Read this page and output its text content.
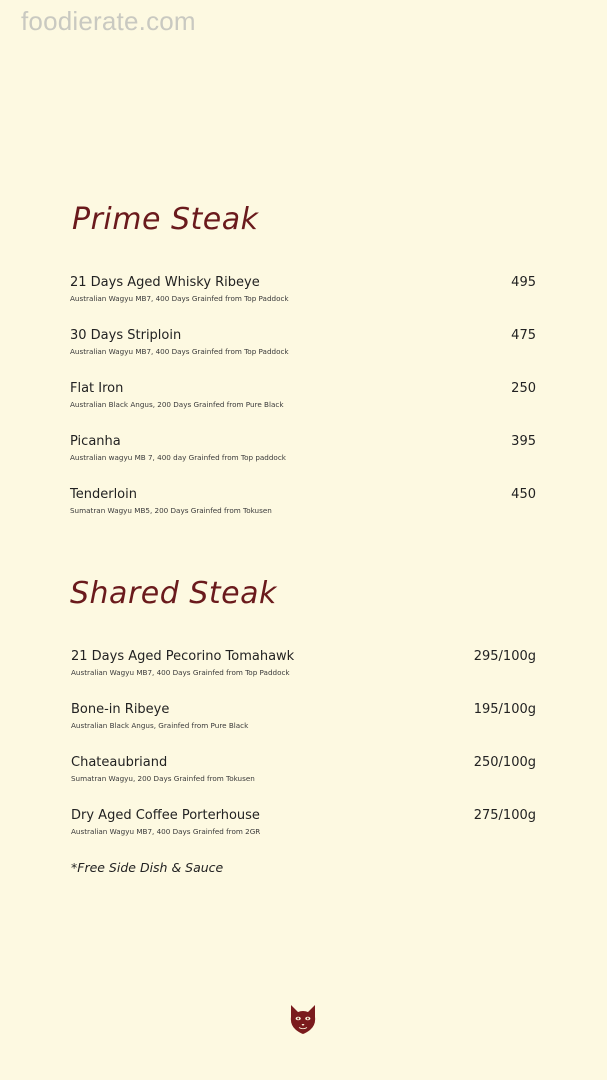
foodierate.com
Prime Steak
21 Days Aged Whisky Ribeye
Australian Wagyu MB7, 400 Days Grainfed from Top Paddock
495
30 Days Striploin
Australian Wagyu MB7, 400 Days Grainfed from Top Paddock
475
Flat Iron
Australian Black Angus, 200 Days Grainfed from Pure Black
250
Picanha
Australian wagyu MB 7, 400 day Grainfed from Top paddock
395
Tenderloin
Sumatran Wagyu MB5, 200 Days Grainfed from Tokusen
450
Shared Steak
21 Days Aged Pecorino Tomahawk
Australian Wagyu MB7, 400 Days Grainfed from Top Paddock
295/100g
Bone-in Ribeye
Australian Black Angus, Grainfed from Pure Black
195/100g
Chateaubriand
Sumatran Wagyu, 200 Days Grainfed from Tokusen
250/100g
Dry Aged Coffee Porterhouse
Australian Wagyu MB7, 400 Days Grainfed from 2GR
275/100g
*Free Side Dish & Sauce
